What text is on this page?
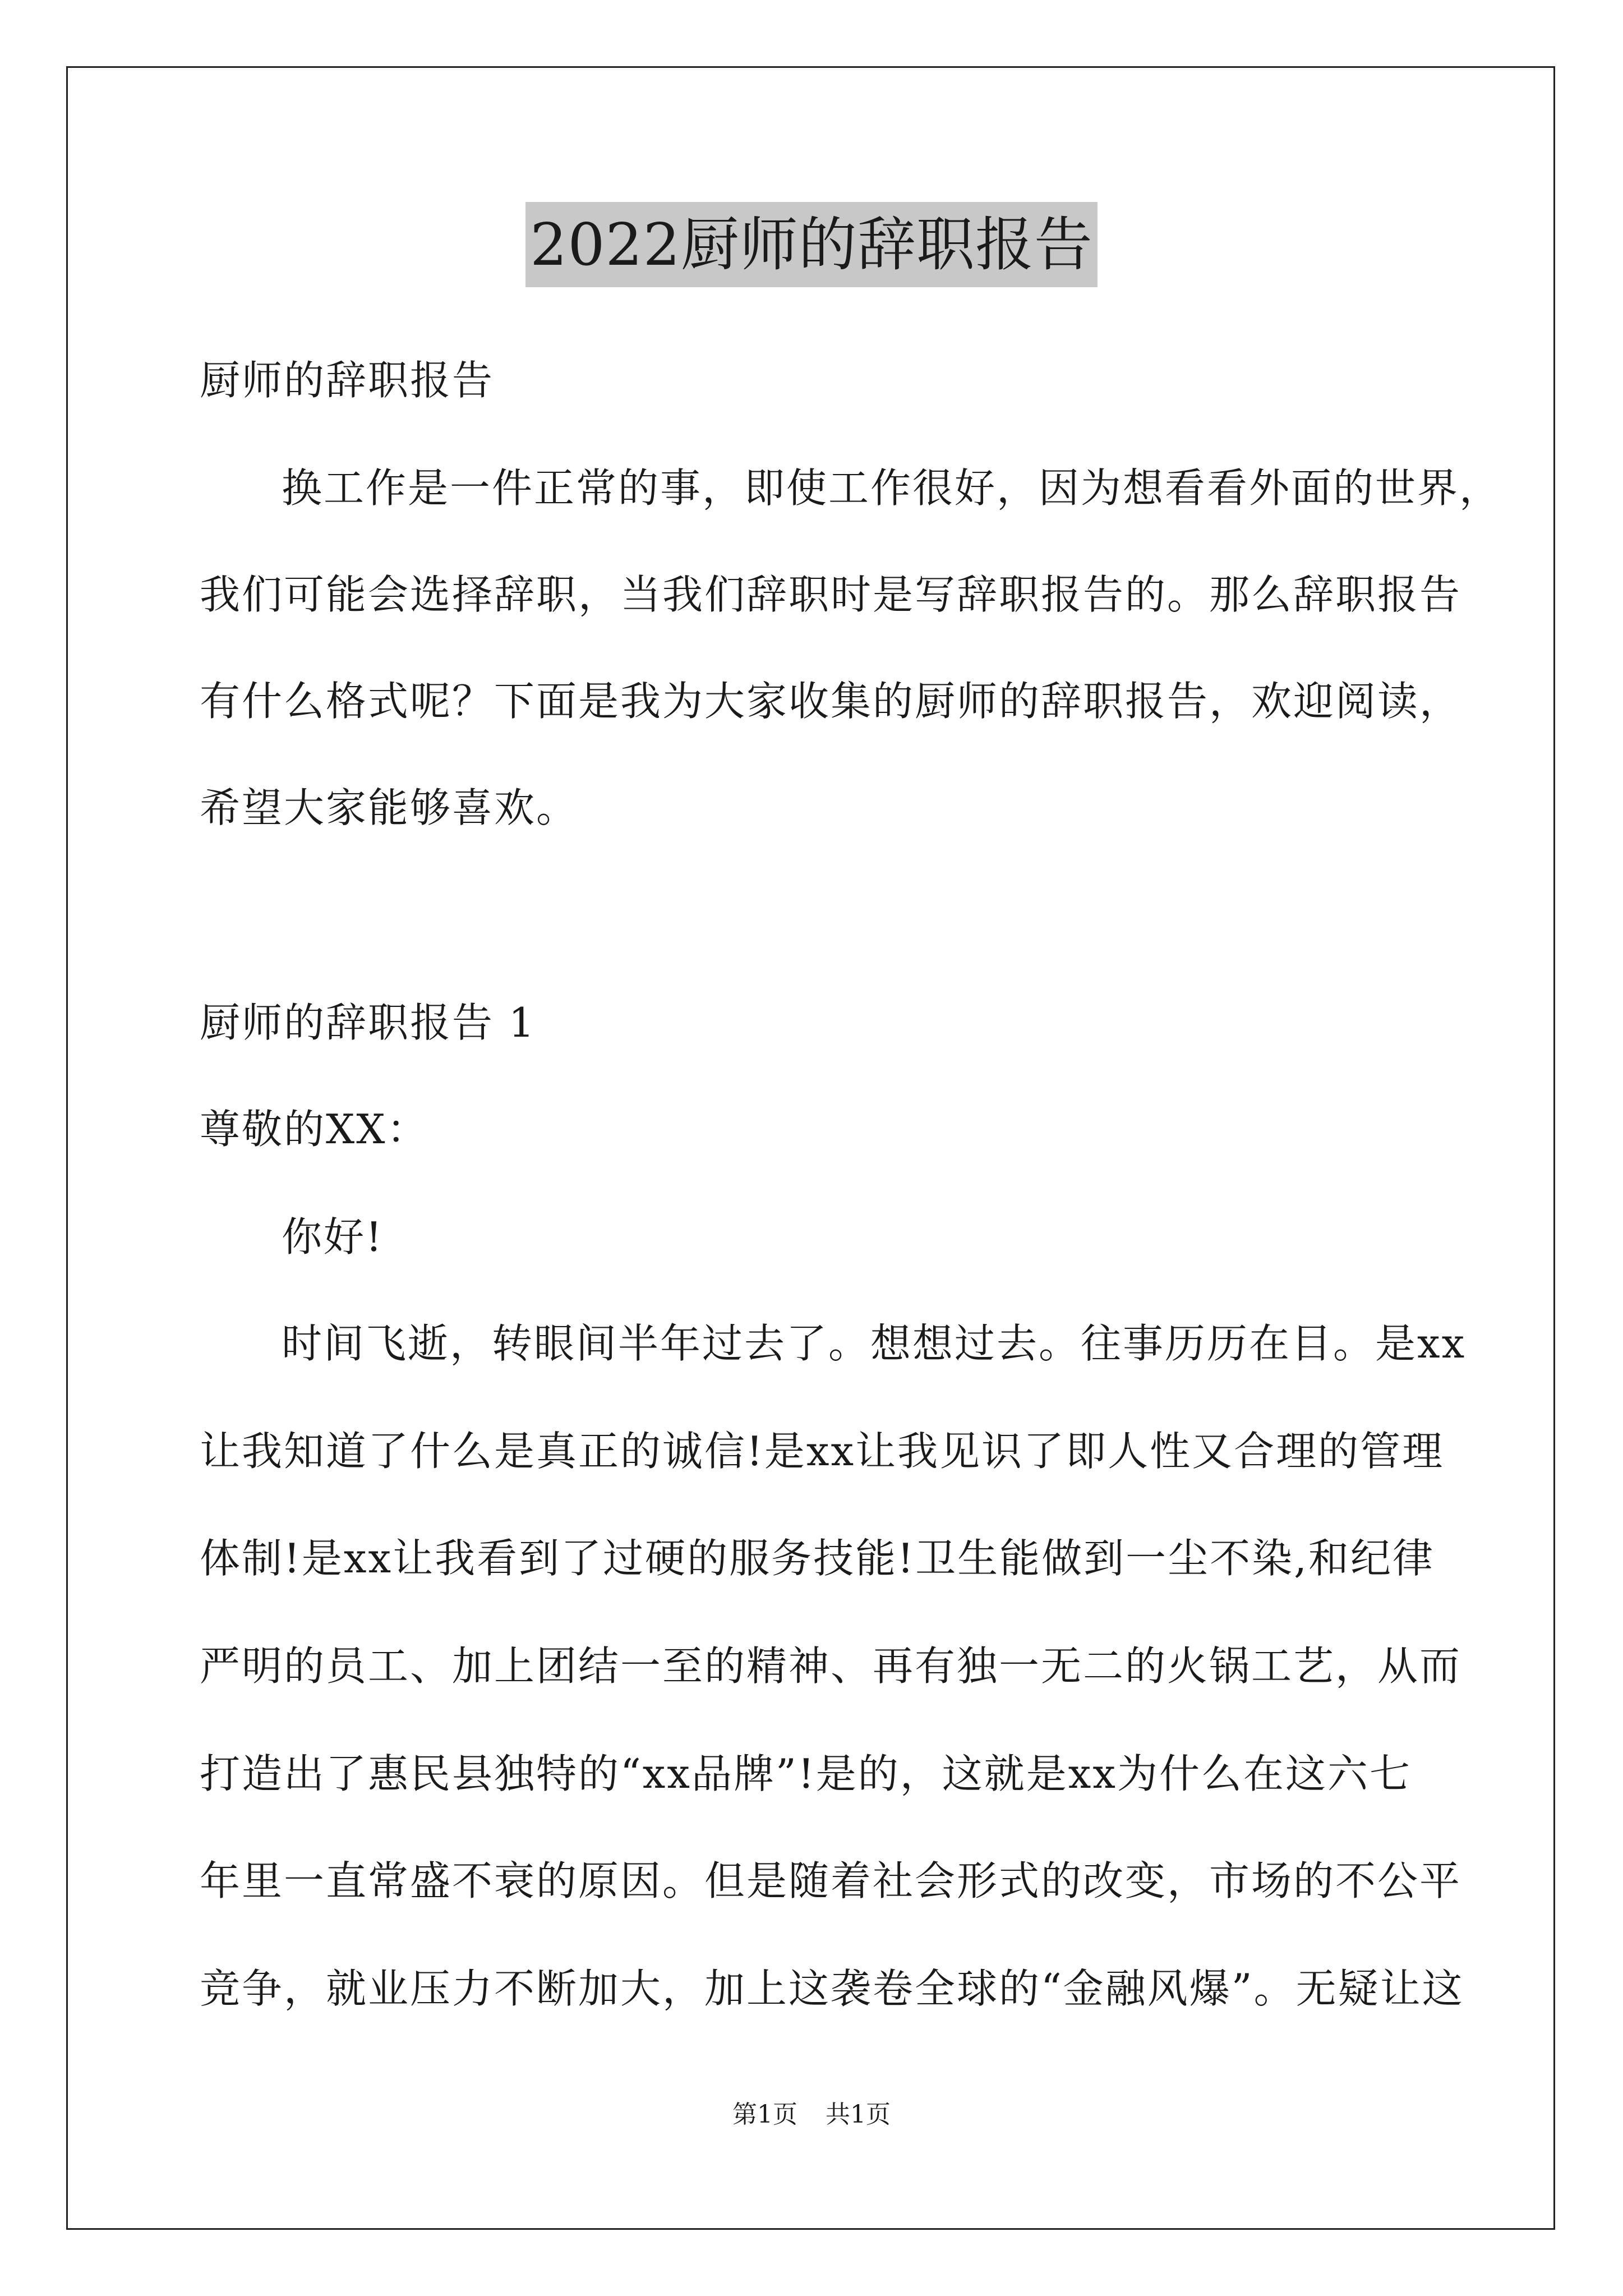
2022厨师的辞职报告
厨师的辞职报告
换工作是一件正常的事，即使工作很好，因为想看看外面的世界，
我们可能会选择辞职，当我们辞职时是写辞职报告的。那么辞职报告
有什么格式呢？下面是我为大家收集的厨师的辞职报告，欢迎阅读，
希望大家能够喜欢。
厨师的辞职报告 1
尊敬的XX：
你好!
时间飞逝，转眼间半年过去了。想想过去。往事历历在目。是xx
让我知道了什么是真正的诚信!是xx让我见识了即人性又合理的管理
体制!是xx让我看到了过硬的服务技能!卫生能做到一尘不染,和纪律
严明的员工、加上团结一至的精神、再有独一无二的火锅工艺，从而
打造出了惠民县独特的“xx品牌”!是的，这就是xx为什么在这六七
年里一直常盛不衰的原因。但是随着社会形式的改变，市场的不公平
竞争，就业压力不断加大，加上这袭卷全球的“金融风爆”。无疑让这
第1页 共1页
